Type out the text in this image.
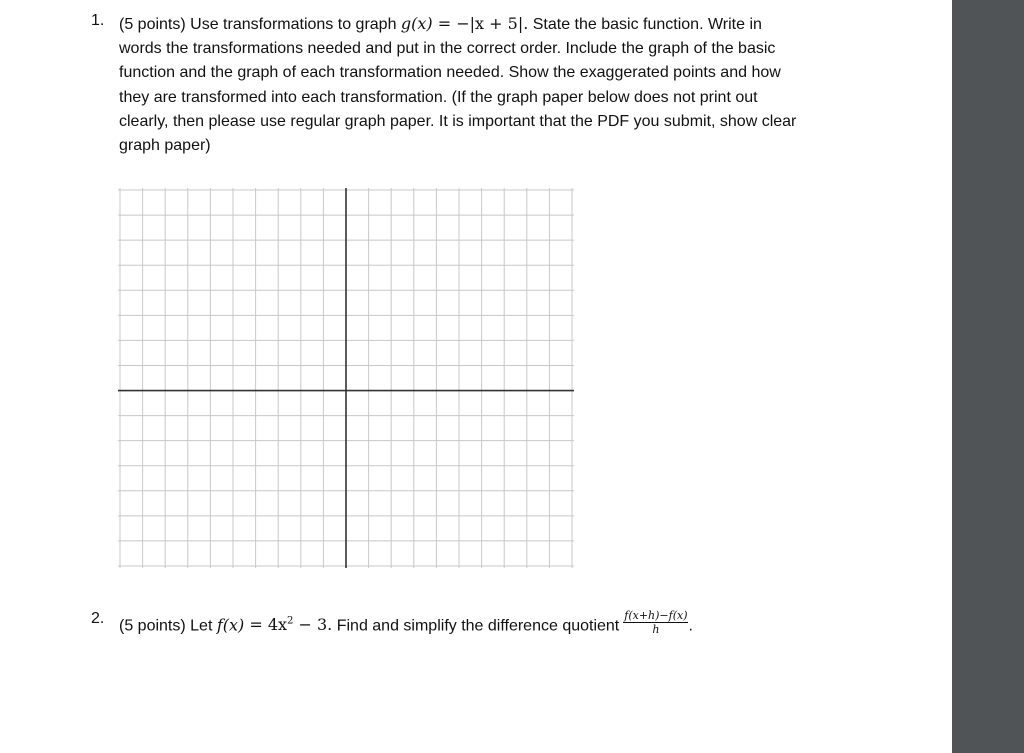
1. (5 points) Use transformations to graph g(x) = −|x + 5|. State the basic function. Write in
words the transformations needed and put in the correct order. Include the graph of the basic
function and the graph of each transformation needed. Show the exaggerated points and how
they are transformed into each transformation. (If the graph paper below does not print out
clearly, then please use regular graph paper. It is important that the PDF you submit, show clear
graph paper)
2. (5 points) Let $f(x) = 4x^2 - 3$. Find and simplify the difference quotient $\frac{f(x+h)-f(x)}{h}$ .
